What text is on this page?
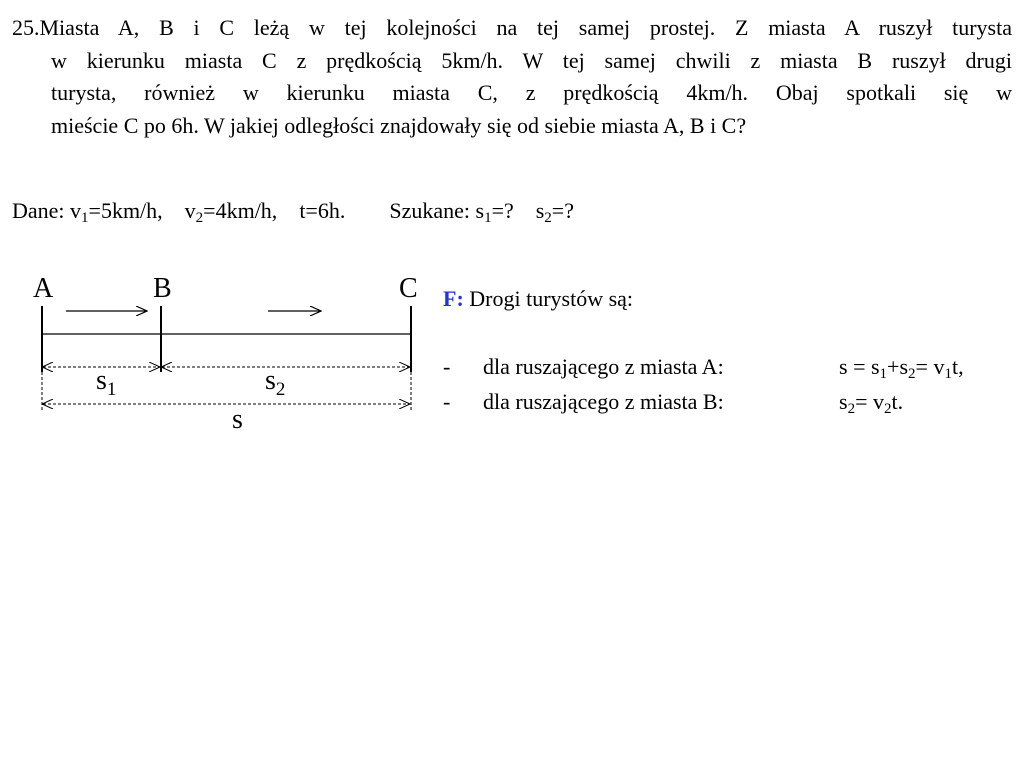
25.Miasta A, B i C leżą w tej kolejności na tej samej prostej. Z miasta A ruszył turysta
w kierunku miasta C z prędkością 5km/h. W tej samej chwili z miasta B ruszył drugi
turysta, również w kierunku miasta C, z prędkością 4km/h. Obaj spotkali się w
mieście C po 6h. W jakiej odległości znajdowały się od siebie miasta A, B i C?
Dane: $v_1=5km/h$, $v_2=4km/h$, t=6h. Szukane: $s_1=$? $s_2=$?
A	B	C
$s_1$	$s_2$
s
F: Drogi turystów są:
- dla ruszającego z miasta A:	$s = s_1+s_2= v_1t$,
- dla ruszającego z miasta B:	$s_2= v_2t$.
